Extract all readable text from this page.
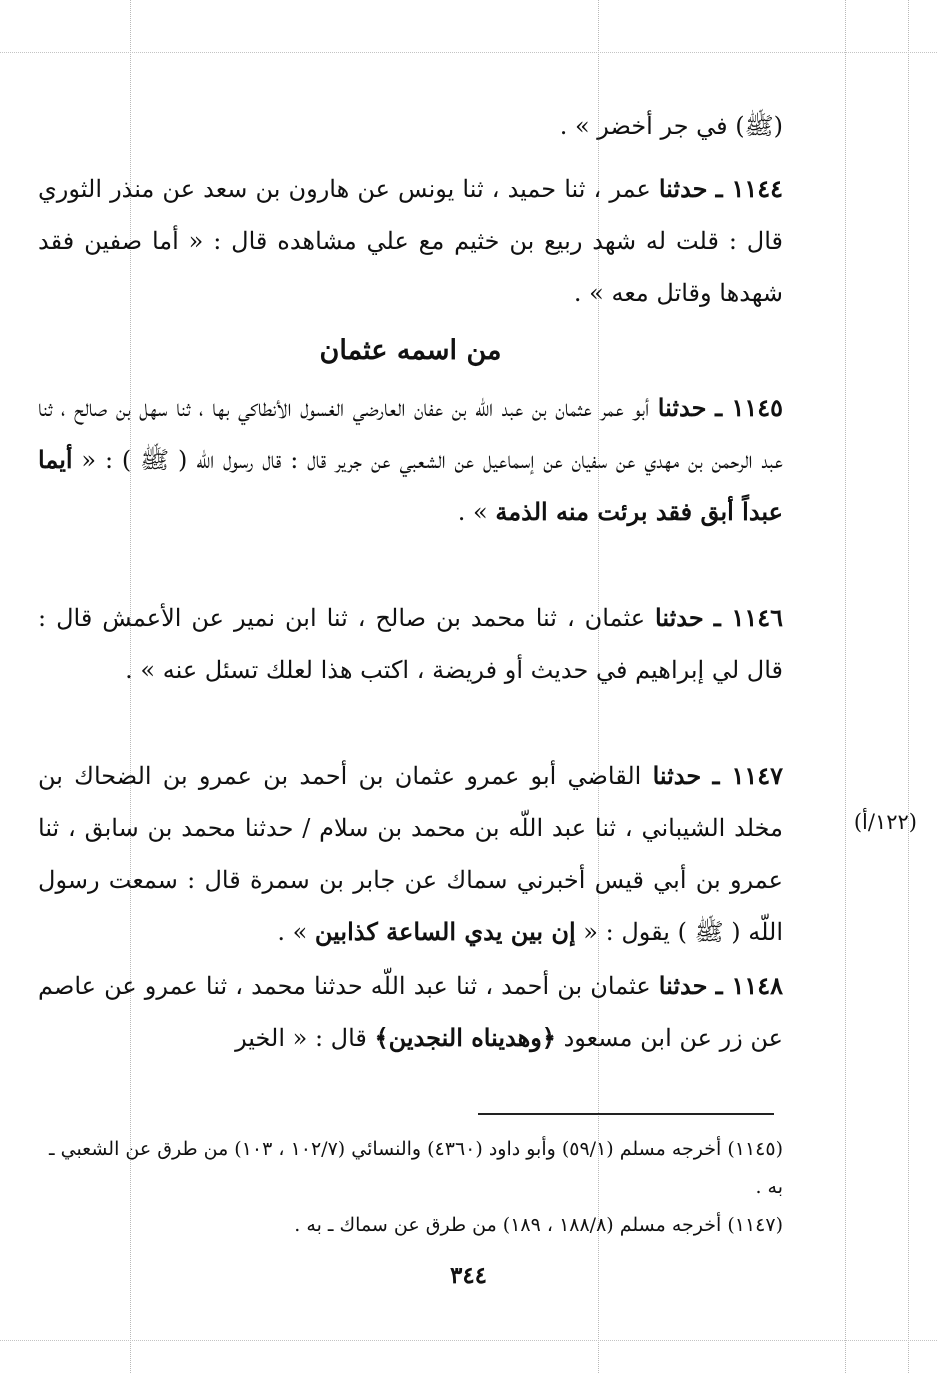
(ﷺ) في جر أخضر » .

١١٤٤ ـ حدثنا عمر ، ثنا حميد ، ثنا يونس عن هارون بن سعد عن منذر الثوري قال : قلت له شهد ربيع بن خثيم مع علي مشاهده قال : « أما صفين فقد شهدها وقاتل معه » .

من اسمه عثمان

١١٤٥ ـ حدثنا أبو عمر عثمان بن عبد اللّه بن عفان العارضي الغسول الأنطاكي بها ، ثنا سهل بن صالح ، ثنا عبد الرحمن بن مهدي عن سفيان عن إسماعيل عن الشعبي عن جرير قال : قال رسول اللّه ( ﷺ ) : « أيما عبداً أبق فقد برئت منه الذمة » .

١١٤٦ ـ حدثنا عثمان ، ثنا محمد بن صالح ، ثنا ابن نمير عن الأعمش قال : قال لي إبراهيم في حديث أو فريضة ، اكتب هذا لعلك تسئل عنه » .

١١٤٧ ـ حدثنا القاضي أبو عمرو عثمان بن أحمد بن عمرو بن الضحاك بن مخلد الشيباني ، ثنا عبد اللّه بن محمد بن سلام / حدثنا محمد بن سابق ، ثنا عمرو بن أبي قيس أخبرني سماك عن جابر بن سمرة قال : سمعت رسول اللّه ( ﷺ ) يقول : « إن بين يدي الساعة كذابين » .

(١٢٢/أ)

١١٤٨ ـ حدثنا عثمان بن أحمد ، ثنا عبد اللّه حدثنا محمد ، ثنا عمرو عن عاصم عن زر عن ابن مسعود ﴿وهديناه النجدين﴾ قال : « الخير

(١١٤٥) أخرجه مسلم (٥٩/١) وأبو داود (٤٣٦٠) والنسائي (١٠٢/٧ ، ١٠٣) من طرق عن الشعبي ـ به .

(١١٤٧) أخرجه مسلم (١٨٨/٨ ، ١٨٩) من طرق عن سماك ـ به .

٣٤٤
